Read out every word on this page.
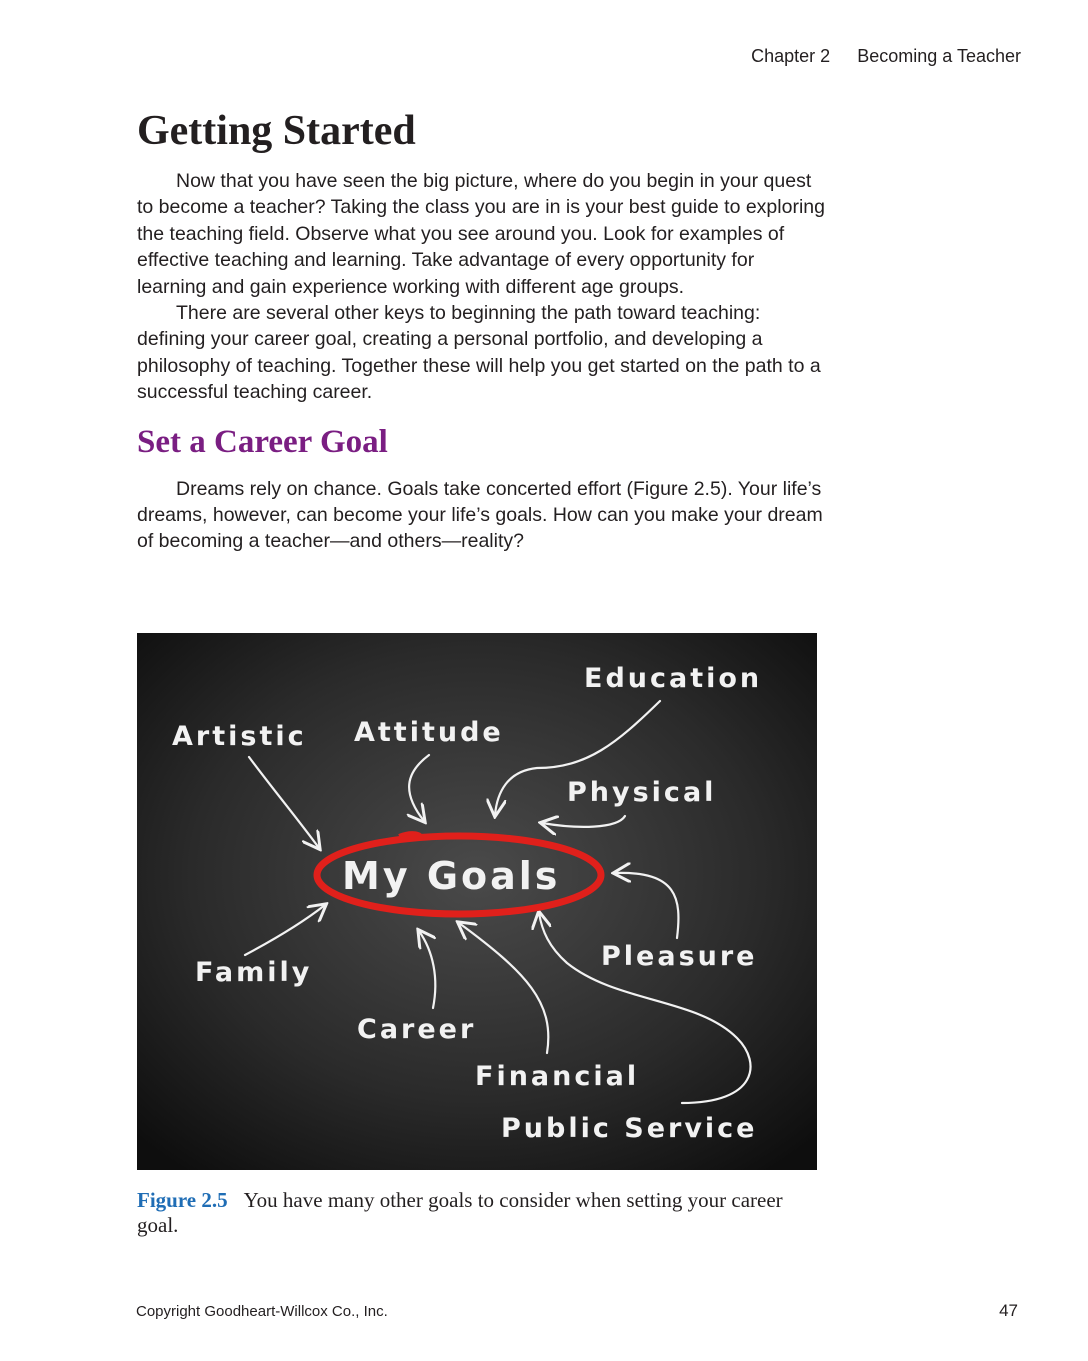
Chapter 2 Becoming a Teacher
Getting Started

Now that you have seen the big picture, where do you begin in your quest to become a teacher? Taking the class you are in is your best guide to exploring the teaching field. Observe what you see around you. Look for examples of effective teaching and learning. Take advantage of every opportunity for learning and gain experience working with different age groups.

There are several other keys to beginning the path toward teaching: defining your career goal, creating a personal portfolio, and developing a philosophy of teaching. Together these will help you get started on the path to a successful teaching career.

Set a Career Goal

Dreams rely on chance. Goals take concerted effort (Figure 2.5). Your life’s dreams, however, can become your life’s goals. How can you make your dream of becoming a teacher—and others—reality?

My Goals
Education
Artistic Attitude
Physical
Pleasure
Family
Career
Financial
Public Service
Figure 2.5 You have many other goals to consider when setting your career goal.
Copyright Goodheart-Willcox Co., Inc.	47
